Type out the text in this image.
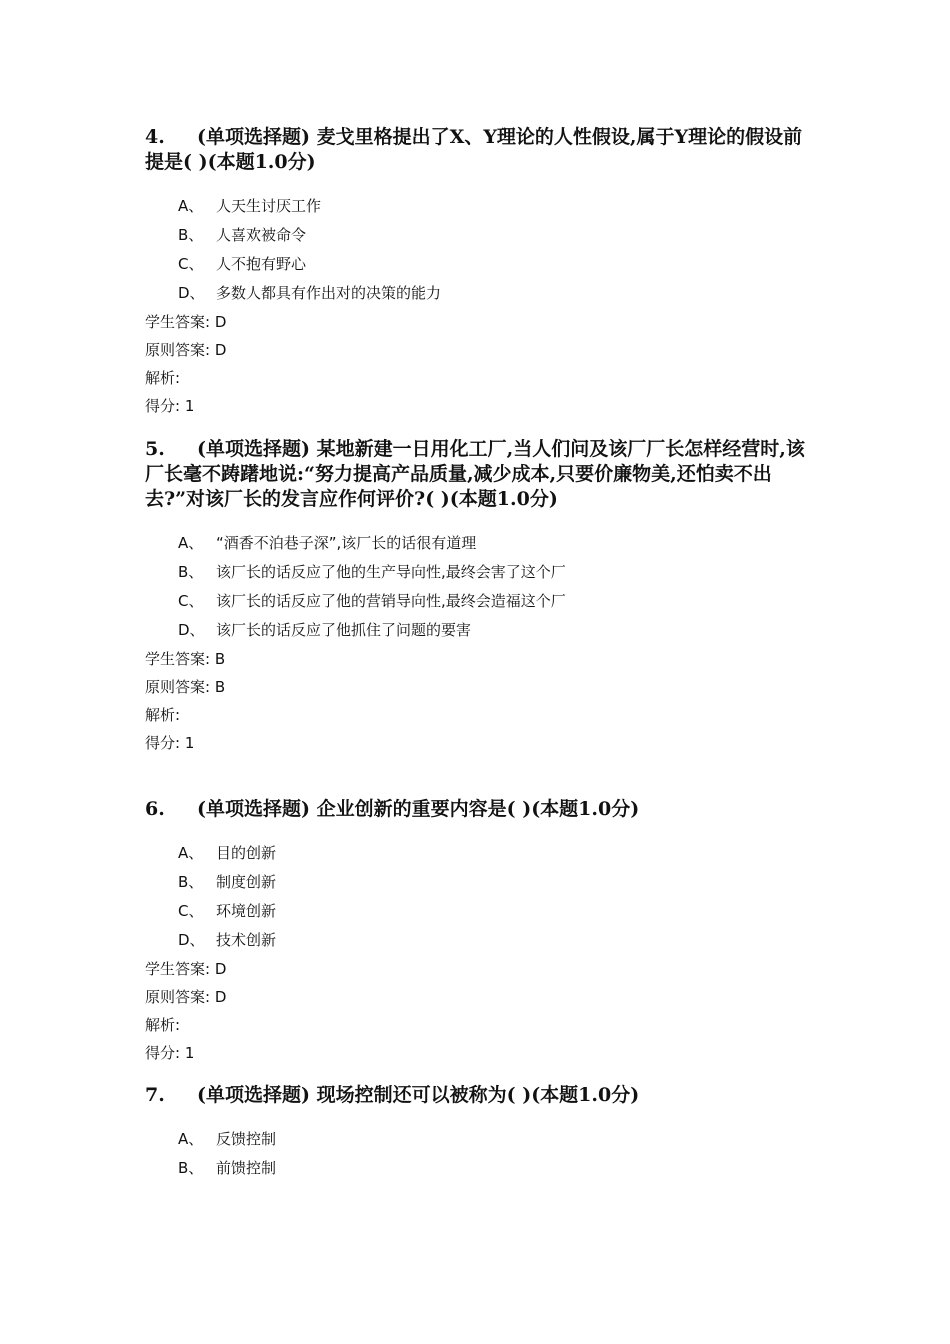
4. (单项选择题) 麦戈里格提出了X、Y理论的人性假设,属于Y理论的假设前提是( )(本题1.0分)

A、 人天生讨厌工作
B、 人喜欢被命令
C、 人不抱有野心
D、 多数人都具有作出对的决策的能力

学生答案: D

原则答案: D

解析:

得分: 1

5. (单项选择题) 某地新建一日用化工厂,当人们问及该厂厂长怎样经营时,该厂长毫不踌躇地说:“努力提高产品质量,减少成本,只要价廉物美,还怕卖不出去?”对该厂长的发言应作何评价?( )(本题1.0分)

A、 “酒香不泊巷子深”,该厂长的话很有道理
B、 该厂长的话反应了他的生产导向性,最终会害了这个厂
C、 该厂长的话反应了他的营销导向性,最终会造福这个厂
D、 该厂长的话反应了他抓住了问题的要害

学生答案: B

原则答案: B

解析:

得分: 1

6. (单项选择题) 企业创新的重要内容是( )(本题1.0分)

A、 目的创新
B、 制度创新
C、 环境创新
D、 技术创新

学生答案: D

原则答案: D

解析:

得分: 1

7. (单项选择题) 现场控制还可以被称为( )(本题1.0分)

A、 反馈控制
B、 前馈控制
